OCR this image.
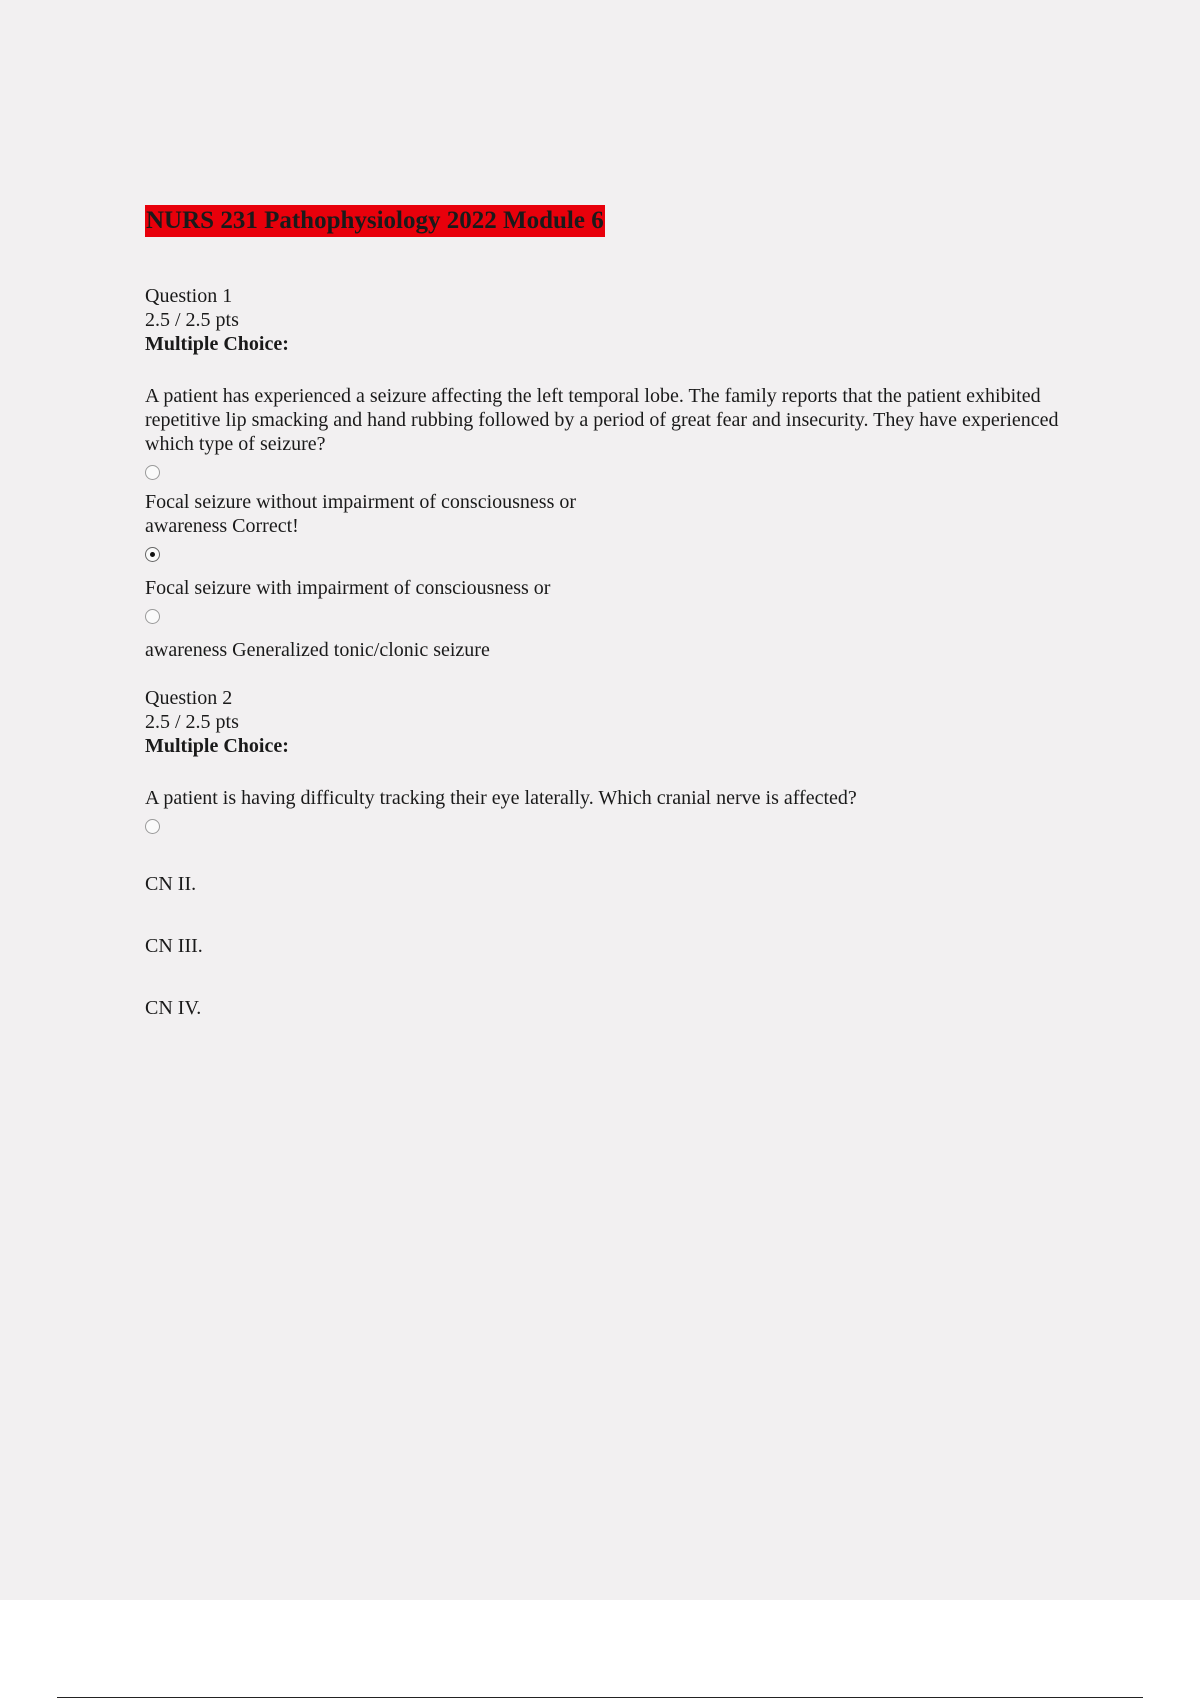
NURS 231 Pathophysiology 2022 Module 6
Question 1
2.5 / 2.5 pts
Multiple Choice:
A patient has experienced a seizure affecting the left temporal lobe. The family reports that the patient exhibited repetitive lip smacking and hand rubbing followed by a period of great fear and insecurity. They have experienced which type of seizure?
Focal seizure without impairment of consciousness or awareness Correct!
Focal seizure with impairment of consciousness or
awareness Generalized tonic/clonic seizure
Question 2
2.5 / 2.5 pts
Multiple Choice:
A patient is having difficulty tracking their eye laterally. Which cranial nerve is affected?
CN II.
CN III.
CN IV.
